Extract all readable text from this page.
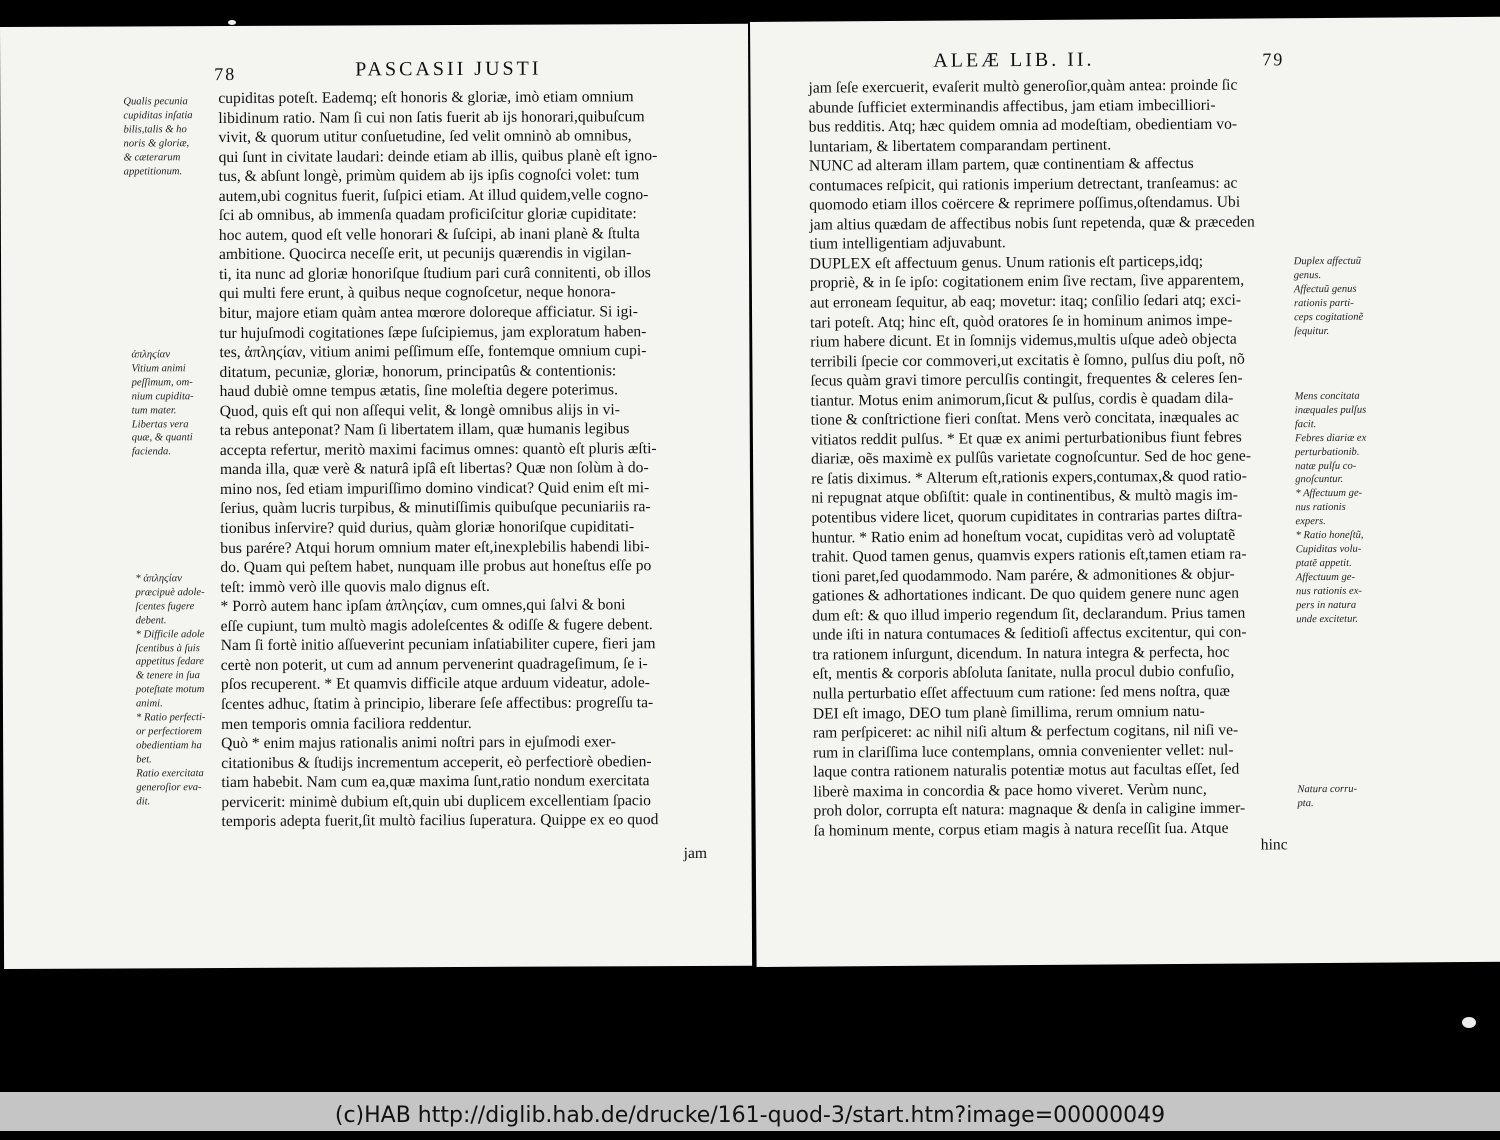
78	PASCASII JUSTI
Qualis pecunia
cupiditas inſatia
bilis,talis & ho
noris & gloriæ,
& cæterarum
appetitionum.
ἀπληϛίαν
Vitium animi
peſſimum, om-
nium cupidita-
tum mater.
Libertas vera
quæ, & quanti
facienda.
* ἀπληϛίαν
præcipuè adole-
ſcentes fugere
debent.
* Difficile adole
ſcentibus à ſuis
appetitus ſedare
& tenere in ſua
poteſtate motum
animi.
* Ratio perfecti-
or perfectiorem
obedientiam ha
bet.
Ratio exercitata
generoſior eva-
dit.
cupiditas poteſt. Eademq; eſt honoris & gloriæ, imò etiam omnium
libidinum ratio. Nam ſi cui non ſatis fuerit ab ijs honorari,quibuſcum
vivit, & quorum utitur conſuetudine, ſed velit omninò ab omnibus,
qui ſunt in civitate laudari: deinde etiam ab illis, quibus planè eſt igno-
tus, & abſunt longè, primùm quidem ab ijs ipſis cognoſci volet: tum
autem,ubi cognitus fuerit, ſuſpici etiam. At illud quidem,velle cogno-
ſci ab omnibus, ab immenſa quadam proficiſcitur gloriæ cupiditate:
hoc autem, quod eſt velle honorari & ſuſcipi, ab inani planè & ſtulta
ambitione. Quocirca neceſſe erit, ut pecunijs quærendis in vigilan-
ti, ita nunc ad gloriæ honoriſque ſtudium pari curâ connitenti, ob illos
qui multi fere erunt, à quibus neque cognoſcetur, neque honora-
bitur, majore etiam quàm antea mœrore doloreque afficiatur. Si igi-
tur hujuſmodi cogitationes ſæpe ſuſcipiemus, jam exploratum haben-
tes, ἀπληϛίαν, vitium animi peſſimum eſſe, fontemque omnium cupi-
ditatum, pecuniæ, gloriæ, honorum, principatûs & contentionis:
haud dubiè omne tempus ætatis, ſine moleſtia degere poterimus.
Quod, quis eſt qui non aſſequi velit, & longè omnibus alijs in vi-
ta rebus anteponat? Nam ſi libertatem illam, quæ humanis legibus
accepta refertur, meritò maximi facimus omnes: quantò eſt pluris æſti-
manda illa, quæ verè & naturâ ipſâ eſt libertas? Quæ non ſolùm à do-
mino nos, ſed etiam impuriſſimo domino vindicat? Quid enim eſt mi-
ſerius, quàm lucris turpibus, & minutiſſimis quibuſque pecuniariis ra-
tionibus inſervire? quid durius, quàm gloriæ honoriſque cupiditati-
bus parére? Atqui horum omnium mater eſt,inexplebilis habendi libi-
do. Quam qui peſtem habet, nunquam ille probus aut honeſtus eſſe po
teſt: immò verò ille quovis malo dignus eſt.
* Porrò autem hanc ipſam ἀπληϛίαν, cum omnes,qui ſalvi & boni
eſſe cupiunt, tum multò magis adoleſcentes & odiſſe & fugere debent.
Nam ſi fortè initio aſſueverint pecuniam inſatiabiliter cupere, fieri jam
certè non poterit, ut cum ad annum pervenerint quadrageſimum, ſe i-
pſos recuperent. * Et quamvis difficile atque arduum videatur, adole-
ſcentes adhuc, ſtatim à principio, liberare ſeſe affectibus: progreſſu ta-
men temporis omnia faciliora reddentur.
Quò * enim majus rationalis animi noſtri pars in ejuſmodi exer-
citationibus & ſtudijs incrementum acceperit, eò perfectiorè obedien-
tiam habebit. Nam cum ea,quæ maxima ſunt,ratio nondum exercitata
pervicerit: minimè dubium eſt,quin ubi duplicem excellentiam ſpacio
temporis adepta fuerit,ſit multò facilius ſuperatura. Quippe ex eo quod
jam
ALEÆ LIB. II.	79
jam ſeſe exercuerit, evaſerit multò generoſior,quàm antea: proinde ſic
abunde ſufficiet exterminandis affectibus, jam etiam imbecilliori-
bus redditis. Atq; hæc quidem omnia ad modeſtiam, obedientiam vo-
luntariam, & libertatem comparandam pertinent.
NUNC ad alteram illam partem, quæ continentiam & affectus
contumaces reſpicit, qui rationis imperium detrectant, tranſeamus: ac
quomodo etiam illos coërcere & reprimere poſſimus,oſtendamus. Ubi
jam altius quædam de affectibus nobis ſunt repetenda, quæ & præceden
tium intelligentiam adjuvabunt.
DUPLEX eſt affectuum genus. Unum rationis eſt particeps,idq;
propriè, & in ſe ipſo: cogitationem enim ſive rectam, ſive apparentem,
aut erroneam ſequitur, ab eaq; movetur: itaq; conſilio ſedari atq; exci-
tari poteſt. Atq; hinc eſt, quòd oratores ſe in hominum animos impe-
rium habere dicunt. Et in ſomnijs videmus,multis uſque adeò objecta
terribili ſpecie cor commoveri,ut excitatis è ſomno, pulſus diu poſt, nõ
ſecus quàm gravi timore perculſis contingit, frequentes & celeres ſen-
tiantur. Motus enim animorum,ſicut & pulſus, cordis è quadam dila-
tione & conſtrictione fieri conſtat. Mens verò concitata, inæquales ac
vitiatos reddit pulſus. * Et quæ ex animi perturbationibus fiunt febres
diariæ, oẽs maximè ex pulſûs varietate cognoſcuntur. Sed de hoc gene-
re ſatis diximus. * Alterum eſt,rationis expers,contumax,& quod ratio-
ni repugnat atque obſiſtit: quale in continentibus, & multò magis im-
potentibus videre licet, quorum cupiditates in contrarias partes diſtra-
huntur. * Ratio enim ad honeſtum vocat, cupiditas verò ad voluptatẽ
trahit. Quod tamen genus, quamvis expers rationis eſt,tamen etiam ra-
tioni paret,ſed quodammodo. Nam parére, & admonitiones & objur-
gationes & adhortationes indicant. De quo quidem genere nunc agen
dum eſt: & quo illud imperio regendum ſit, declarandum. Prius tamen
unde iſti in natura contumaces & ſeditioſi affectus excitentur, qui con-
tra rationem inſurgunt, dicendum. In natura integra & perfecta, hoc
eſt, mentis & corporis abſoluta ſanitate, nulla procul dubio confuſio,
nulla perturbatio eſſet affectuum cum ratione: ſed mens noſtra, quæ
DEI eſt imago, DEO tum planè ſimillima, rerum omnium natu-
ram perſpiceret: ac nihil niſi altum & perfectum cogitans, nil niſi ve-
rum in clariſſima luce contemplans, omnia convenienter vellet: nul-
laque contra rationem naturalis potentiæ motus aut facultas eſſet, ſed
liberè maxima in concordia & pace homo viveret. Verùm nunc,
proh dolor, corrupta eſt natura: magnaque & denſa in caligine immer-
ſa hominum mente, corpus etiam magis à natura receſſit ſua. Atque
hinc
Duplex affectuũ
genus.
Affectuũ genus
rationis parti-
ceps cogitationẽ
ſequitur.
Mens concitata
inæquales pulſus
facit.
Febres diariæ ex
perturbationib.
natæ pulſu co-
gnoſcuntur.
* Affectuum ge-
nus rationis
expers.
* Ratio honeſtũ,
Cupiditas volu-
ptatẽ appetit.
Affectuum ge-
nus rationis ex-
pers in natura
unde excitetur.
Natura corru-
pta.
(c)HAB http://diglib.hab.de/drucke/161-quod-3/start.htm?image=00000049
